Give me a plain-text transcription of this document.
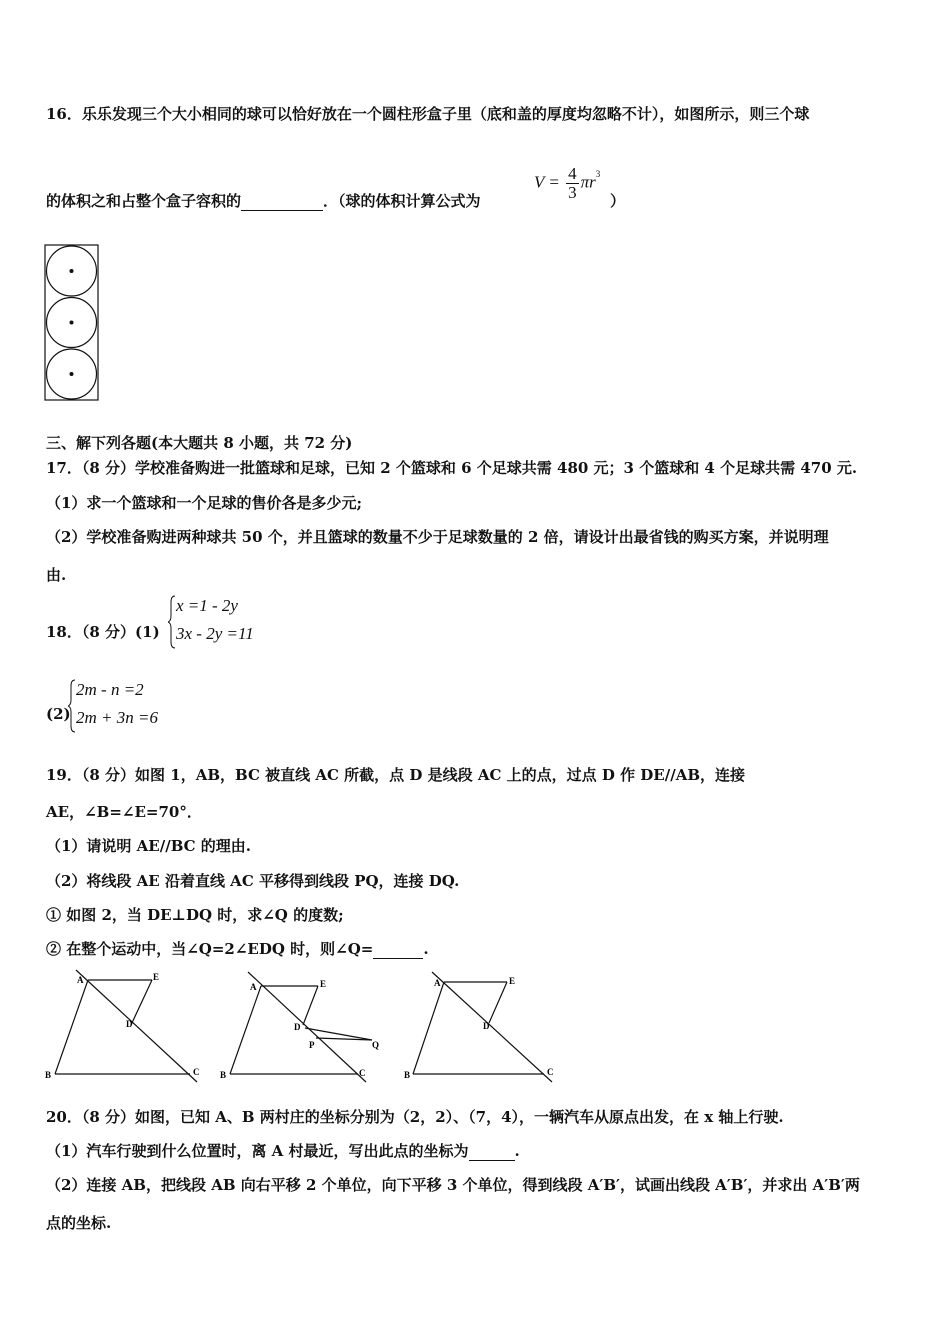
16．乐乐发现三个大小相同的球可以恰好放在一个圆柱形盒子里（底和盖的厚度均忽略不计），如图所示，则三个球
的体积之和占整个盒子容积的	．（球的体积计算公式为
$V = \frac{4}{3} \pi r^3$
）
三、解下列各题(本大题共 8 小题，共 72 分)
17．（8 分）学校准备购进一批篮球和足球，已知 2 个篮球和 6 个足球共需 480 元；3 个篮球和 4 个足球共需 470 元.
（1）求一个篮球和一个足球的售价各是多少元;
（2）学校准备购进两种球共 50 个，并且篮球的数量不少于足球数量的 2 倍，请设计出最省钱的购买方案，并说明理
由.
18．（8 分）(1)
x =1 - 2y
3x - 2y =11
(2)
2m - n =2
2m + 3n =6
19．（8 分）如图 1，AB，BC 被直线 AC 所截，点 D 是线段 AC 上的点，过点 D 作 DE//AB，连接
AE，∠B=∠E=70°．
（1）请说明 AE//BC 的理由.
（2）将线段 AE 沿着直线 AC 平移得到线段 PQ，连接 DQ.
① 如图 2，当 DE⊥DQ 时，求∠Q 的度数;
② 在整个运动中，当∠Q=2∠EDQ 时，则∠Q=	.
A
B	C
D
E
A
B	C
D
E
P	Q
A
B	C
D
E
20．（8 分）如图，已知 A、B 两村庄的坐标分别为（2，2）、（7，4），一辆汽车从原点出发，在 x 轴上行驶.
（1）汽车行驶到什么位置时，离 A 村最近，写出此点的坐标为	.
（2）连接 AB，把线段 AB 向右平移 2 个单位，向下平移 3 个单位，得到线段 A′B′，试画出线段 A′B′，并求出 A′B′两
点的坐标.
